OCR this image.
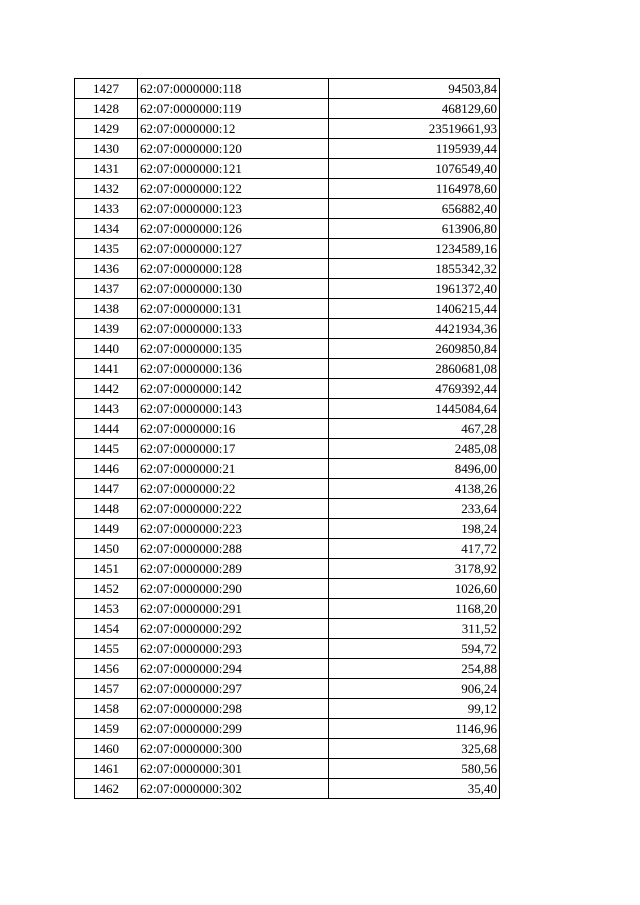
1427	62:07:0000000:118	94503,84
1428	62:07:0000000:119	468129,60
1429	62:07:0000000:12	23519661,93
1430	62:07:0000000:120	1195939,44
1431	62:07:0000000:121	1076549,40
1432	62:07:0000000:122	1164978,60
1433	62:07:0000000:123	656882,40
1434	62:07:0000000:126	613906,80
1435	62:07:0000000:127	1234589,16
1436	62:07:0000000:128	1855342,32
1437	62:07:0000000:130	1961372,40
1438	62:07:0000000:131	1406215,44
1439	62:07:0000000:133	4421934,36
1440	62:07:0000000:135	2609850,84
1441	62:07:0000000:136	2860681,08
1442	62:07:0000000:142	4769392,44
1443	62:07:0000000:143	1445084,64
1444	62:07:0000000:16	467,28
1445	62:07:0000000:17	2485,08
1446	62:07:0000000:21	8496,00
1447	62:07:0000000:22	4138,26
1448	62:07:0000000:222	233,64
1449	62:07:0000000:223	198,24
1450	62:07:0000000:288	417,72
1451	62:07:0000000:289	3178,92
1452	62:07:0000000:290	1026,60
1453	62:07:0000000:291	1168,20
1454	62:07:0000000:292	311,52
1455	62:07:0000000:293	594,72
1456	62:07:0000000:294	254,88
1457	62:07:0000000:297	906,24
1458	62:07:0000000:298	99,12
1459	62:07:0000000:299	1146,96
1460	62:07:0000000:300	325,68
1461	62:07:0000000:301	580,56
1462	62:07:0000000:302	35,40
